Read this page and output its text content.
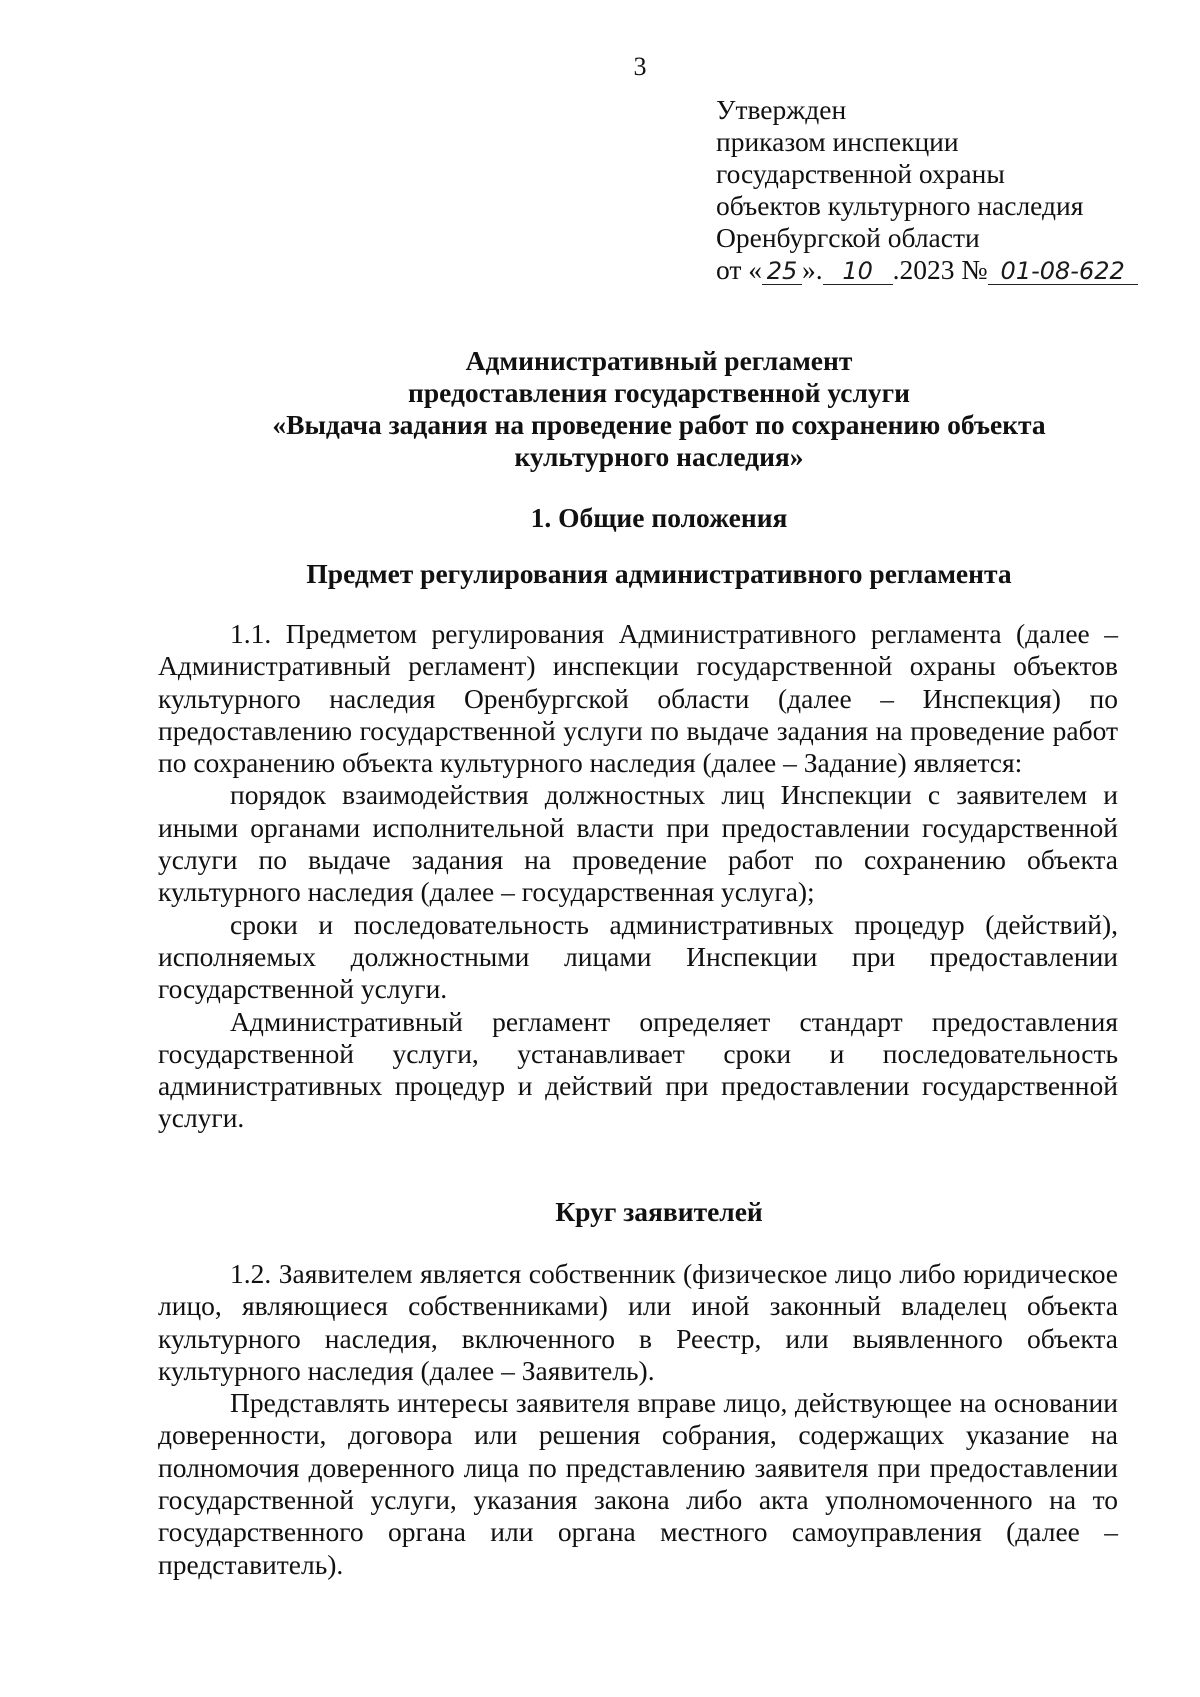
3
Утвержден
приказом инспекции
государственной охраны
объектов культурного наследия
Оренбургской области
от « 25 ». 10 .2023 № 01-08-622
Административный регламент
предоставления государственной услуги
«Выдача задания на проведение работ по сохранению объекта
культурного наследия»
1. Общие положения
Предмет регулирования административного регламента

1.1. Предметом регулирования Административного регламента (далее – Административный регламент) инспекции государственной охраны объектов культурного наследия Оренбургской области (далее – Инспекция) по предоставлению государственной услуги по выдаче задания на проведение работ по сохранению объекта культурного наследия (далее – Задание) является:

порядок взаимодействия должностных лиц Инспекции с заявителем и иными органами исполнительной власти при предоставлении государственной услуги по выдаче задания на проведение работ по сохранению объекта культурного наследия (далее – государственная услуга);

сроки и последовательность административных процедур (действий), исполняемых должностными лицами Инспекции при предоставлении государственной услуги.

Административный регламент определяет стандарт предоставления государственной услуги, устанавливает сроки и последовательность административных процедур и действий при предоставлении государственной услуги.

Круг заявителей

1.2. Заявителем является собственник (физическое лицо либо юридическое лицо, являющиеся собственниками) или иной законный владелец объекта культурного наследия, включенного в Реестр, или выявленного объекта культурного наследия (далее – Заявитель).

Представлять интересы заявителя вправе лицо, действующее на основании доверенности, договора или решения собрания, содержащих указание на полномочия доверенного лица по представлению заявителя при предоставлении государственной услуги, указания закона либо акта уполномоченного на то государственного органа или органа местного самоуправления (далее – представитель).
